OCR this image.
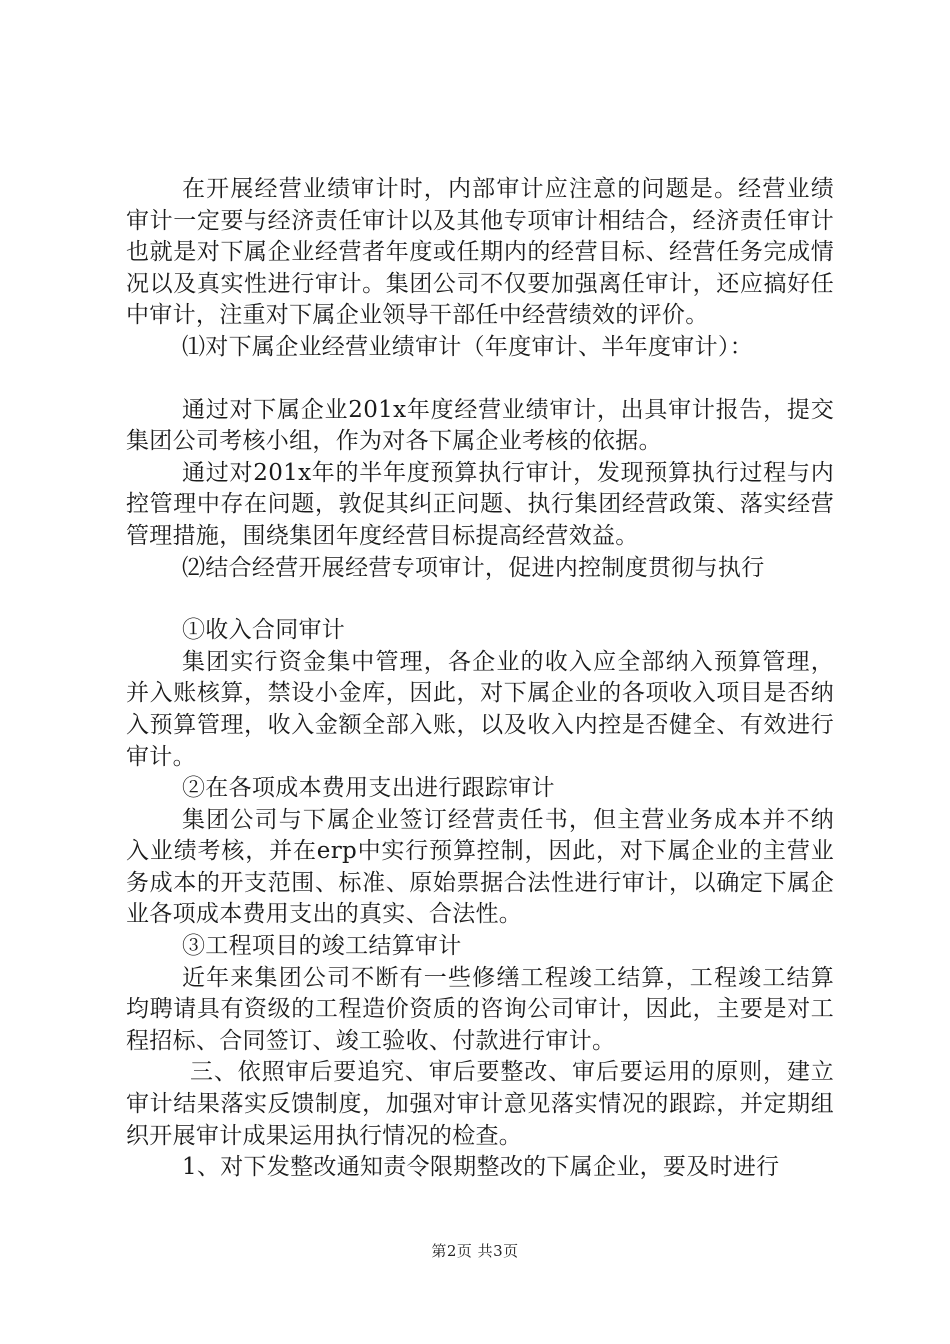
在开展经营业绩审计时，内部审计应注意的问题是。经营业绩审计一定要与经济责任审计以及其他专项审计相结合，经济责任审计也就是对下属企业经营者年度或任期内的经营目标、经营任务完成情况以及真实性进行审计。集团公司不仅要加强离任审计，还应搞好任中审计，注重对下属企业领导干部任中经营绩效的评价。

⑴对下属企业经营业绩审计（年度审计、半年度审计）：

通过对下属企业201x年度经营业绩审计，出具审计报告，提交集团公司考核小组，作为对各下属企业考核的依据。

通过对201x年的半年度预算执行审计，发现预算执行过程与内控管理中存在问题，敦促其纠正问题、执行集团经营政策、落实经营管理措施，围绕集团年度经营目标提高经营效益。

⑵结合经营开展经营专项审计，促进内控制度贯彻与执行

①收入合同审计

集团实行资金集中管理，各企业的收入应全部纳入预算管理，并入账核算，禁设小金库，因此，对下属企业的各项收入项目是否纳入预算管理，收入金额全部入账，以及收入内控是否健全、有效进行审计。

②在各项成本费用支出进行跟踪审计

集团公司与下属企业签订经营责任书，但主营业务成本并不纳入业绩考核，并在erp中实行预算控制，因此，对下属企业的主营业务成本的开支范围、标准、原始票据合法性进行审计，以确定下属企业各项成本费用支出的真实、合法性。

③工程项目的竣工结算审计

近年来集团公司不断有一些修缮工程竣工结算，工程竣工结算均聘请具有资级的工程造价资质的咨询公司审计，因此，主要是对工程招标、合同签订、竣工验收、付款进行审计。

三、依照审后要追究、审后要整改、审后要运用的原则，建立审计结果落实反馈制度，加强对审计意见落实情况的跟踪，并定期组织开展审计成果运用执行情况的检查。

1、对下发整改通知责令限期整改的下属企业，要及时进行

第2页 共3页
